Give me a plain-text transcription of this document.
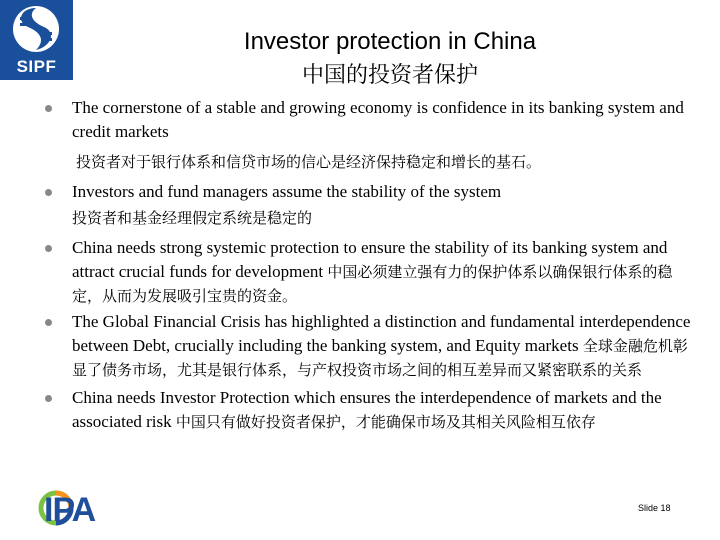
SIPF
Investor protection in China
中国的投资者保护
The cornerstone of a stable and growing economy is confidence in its banking system and credit markets
投资者对于银行体系和信贷市场的信心是经济保持稳定和增长的基石。
Investors and fund managers assume the stability of the system
投资者和基金经理假定系统是稳定的
China needs strong systemic protection to ensure the stability of its banking system and attract crucial funds for development 中国必须建立强有力的保护体系以确保银行体系的稳定，从而为发展吸引宝贵的资金。
The Global Financial Crisis has highlighted a distinction and fundamental interdependence between Debt, crucially including the banking system, and Equity markets 全球金融危机彰显了债务市场，尤其是银行体系，与产权投资市场之间的相互差异而又紧密联系的关系
China needs Investor Protection which ensures the interdependence of markets and the associated risk 中国只有做好投资者保护，才能确保市场及其相关风险相互依存
IPA	Slide 18
